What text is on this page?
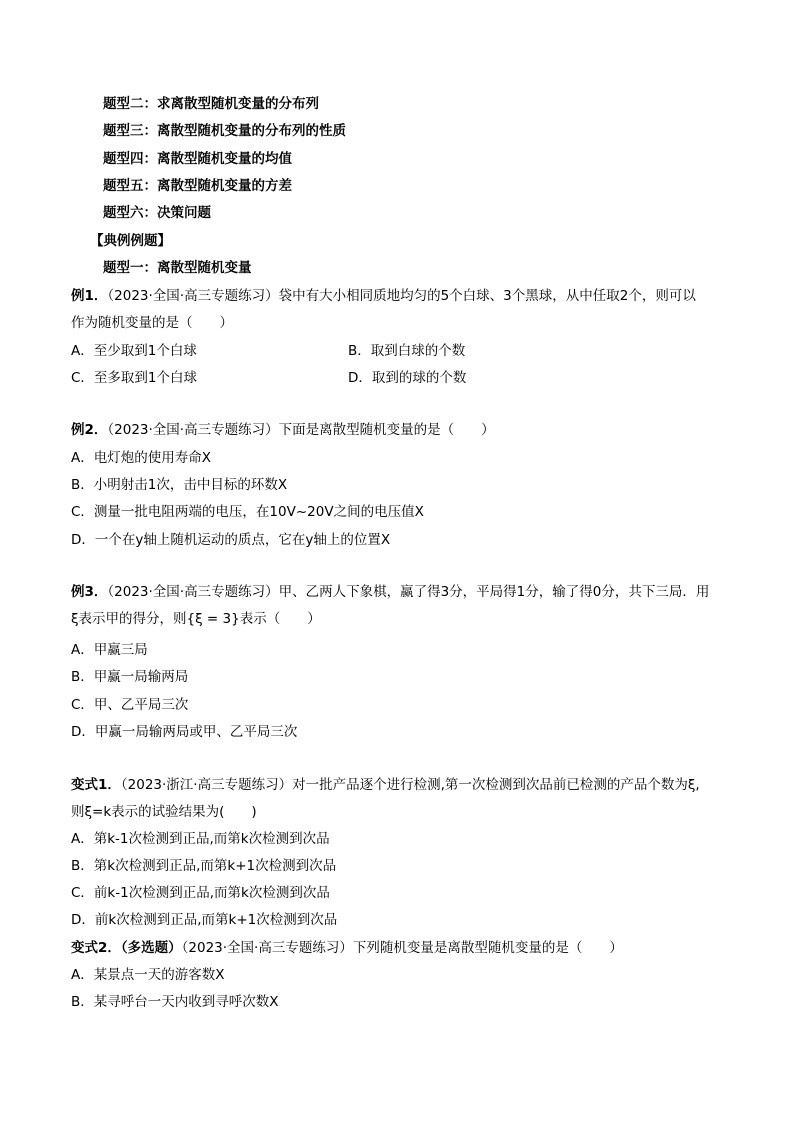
题型二：求离散型随机变量的分布列
题型三：离散型随机变量的分布列的性质
题型四：离散型随机变量的均值
题型五：离散型随机变量的方差
题型六：决策问题
【典例例题】
题型一：离散型随机变量
例1．（2023·全国·高三专题练习）袋中有大小相同质地均匀的5个白球、3个黑球，从中任取2个，则可以
作为随机变量的是（　　）
A．至少取到1个白球	B．取到白球的个数
C．至多取到1个白球	D．取到的球的个数
例2．（2023·全国·高三专题练习）下面是离散型随机变量的是（　　）
A．电灯炮的使用寿命X
B．小明射击1次，击中目标的环数X
C．测量一批电阻两端的电压，在10V~20V之间的电压值X
D．一个在y轴上随机运动的质点，它在y轴上的位置X
例3．（2023·全国·高三专题练习）甲、乙两人下象棋，赢了得3分，平局得1分，输了得0分，共下三局．用
ξ表示甲的得分，则{ξ = 3}表示（　　）
A．甲赢三局
B．甲赢一局输两局
C．甲、乙平局三次
D．甲赢一局输两局或甲、乙平局三次
变式1．（2023·浙江·高三专题练习）对一批产品逐个进行检测,第一次检测到次品前已检测的产品个数为ξ,
则ξ=k表示的试验结果为(　　)
A．第k-1次检测到正品,而第k次检测到次品
B．第k次检测到正品,而第k+1次检测到次品
C．前k-1次检测到正品,而第k次检测到次品
D．前k次检测到正品,而第k+1次检测到次品
变式2．（多选题）（2023·全国·高三专题练习）下列随机变量是离散型随机变量的是（　　）
A．某景点一天的游客数X
B．某寻呼台一天内收到寻呼次数X
